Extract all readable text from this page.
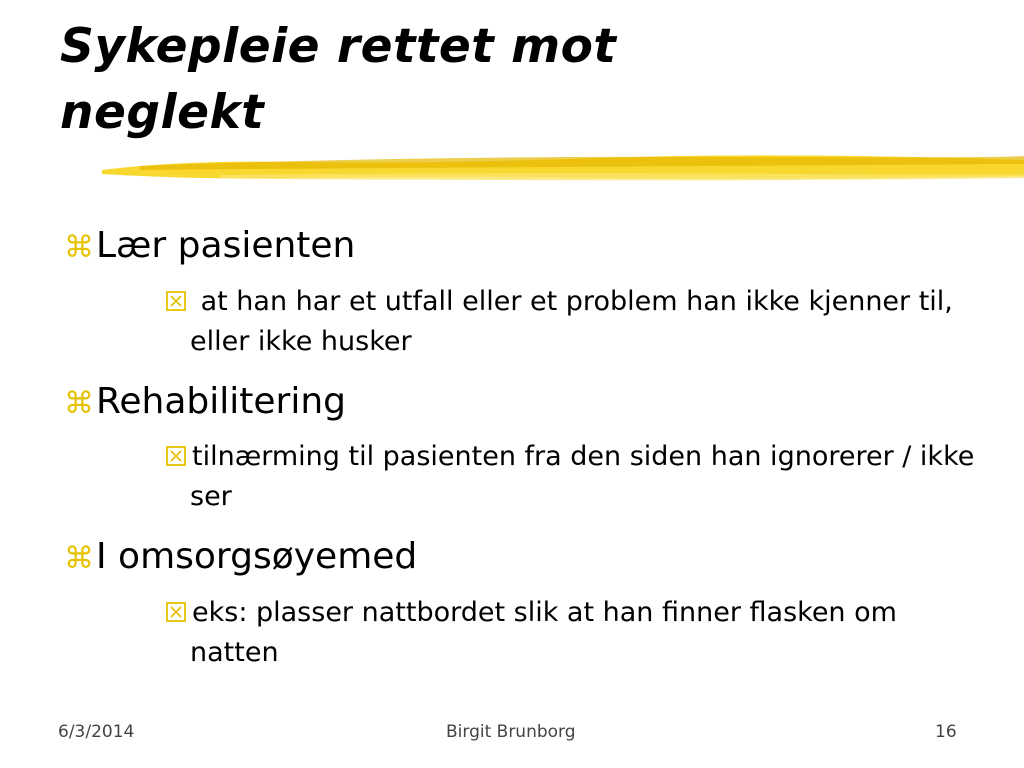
Sykepleie rettet mot
neglekt
⌘Lær pasienten
at han har et utfall eller et problem han ikke kjenner til, eller ikke husker
⌘Rehabilitering
tilnærming til pasienten fra den siden han ignorerer / ikke ser
⌘I omsorgsøyemed
eks: plasser nattbordet slik at han finner flasken om natten
6/3/2014	Birgit Brunborg	16
